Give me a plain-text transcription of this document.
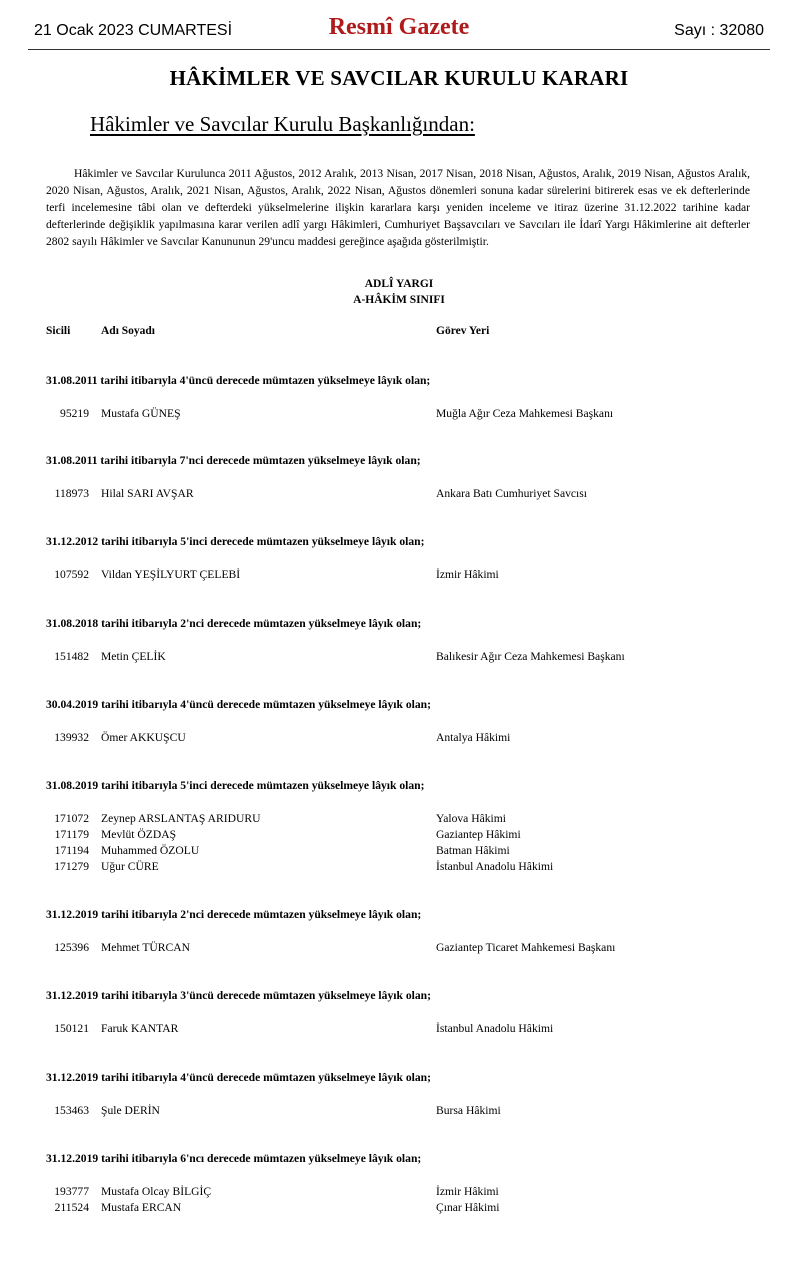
21 Ocak 2023 CUMARTESİ	Resmî Gazete	Sayı : 32080
HÂKİMLER VE SAVCILAR KURULU KARARI
Hâkimler ve Savcılar Kurulu Başkanlığından:

Hâkimler ve Savcılar Kurulunca 2011 Ağustos, 2012 Aralık, 2013 Nisan, 2017 Nisan, 2018 Nisan, Ağustos, Aralık, 2019 Nisan, Ağustos Aralık, 2020 Nisan, Ağustos, Aralık, 2021 Nisan, Ağustos, Aralık, 2022 Nisan, Ağustos dönemleri sonuna kadar sürelerini bitirerek esas ve ek defterlerinde terfi incelemesine tâbi olan ve defterdeki yükselmelerine ilişkin kararlara karşı yeniden inceleme ve itiraz üzerine 31.12.2022 tarihine kadar defterlerinde değişiklik yapılmasına karar verilen adlî yargı Hâkimleri, Cumhuriyet Başsavcıları ve Savcıları ile İdarî Yargı Hâkimlerine ait defterler 2802 sayılı Hâkimler ve Savcılar Kanununun 29'uncu maddesi gereğince aşağıda gösterilmiştir.

ADLÎ YARGI
A-HÂKİM SINIFI
Sicili	Adı Soyadı	Görev Yeri
31.08.2011 tarihi itibarıyla 4'üncü derecede mümtazen yükselmeye lâyık olan;
95219 Mustafa GÜNEŞ	Muğla Ağır Ceza Mahkemesi Başkanı
31.08.2011 tarihi itibarıyla 7'nci derecede mümtazen yükselmeye lâyık olan;
118973 Hilal SARI AVŞAR	Ankara Batı Cumhuriyet Savcısı
31.12.2012 tarihi itibarıyla 5'inci derecede mümtazen yükselmeye lâyık olan;
107592 Vildan YEŞİLYURT ÇELEBİ	İzmir Hâkimi
31.08.2018 tarihi itibarıyla 2'nci derecede mümtazen yükselmeye lâyık olan;
151482 Metin ÇELİK	Balıkesir Ağır Ceza Mahkemesi Başkanı
30.04.2019 tarihi itibarıyla 4'üncü derecede mümtazen yükselmeye lâyık olan;
139932 Ömer AKKUŞCU	Antalya Hâkimi
31.08.2019 tarihi itibarıyla 5'inci derecede mümtazen yükselmeye lâyık olan;
171072 Zeynep ARSLANTAŞ ARIDURU	Yalova Hâkimi
171179 Mevlüt ÖZDAŞ	Gaziantep Hâkimi
171194 Muhammed ÖZOLU	Batman Hâkimi
171279 Uğur CÜRE	İstanbul Anadolu Hâkimi
31.12.2019 tarihi itibarıyla 2'nci derecede mümtazen yükselmeye lâyık olan;
125396 Mehmet TÜRCAN	Gaziantep Ticaret Mahkemesi Başkanı
31.12.2019 tarihi itibarıyla 3'üncü derecede mümtazen yükselmeye lâyık olan;
150121 Faruk KANTAR	İstanbul Anadolu Hâkimi
31.12.2019 tarihi itibarıyla 4'üncü derecede mümtazen yükselmeye lâyık olan;
153463 Şule DERİN	Bursa Hâkimi
31.12.2019 tarihi itibarıyla 6'ncı derecede mümtazen yükselmeye lâyık olan;
193777 Mustafa Olcay BİLGİÇ	İzmir Hâkimi
211524 Mustafa ERCAN	Çınar Hâkimi
